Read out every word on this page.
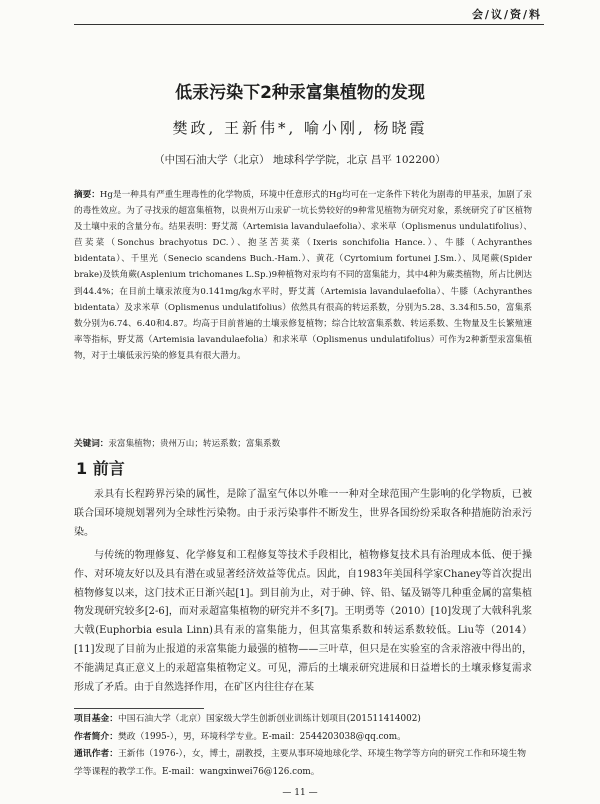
会/议/资/料
低汞污染下2种汞富集植物的发现
樊政, 王新伟*, 喻小刚, 杨晓霞
（中国石油大学（北京） 地球科学学院，北京 昌平 102200）
摘要：Hg是一种具有严重生理毒性的化学物质，环境中任意形式的Hg均可在一定条件下转化为剧毒的甲基汞，加剧了汞的毒性效应。为了寻找汞的超富集植物，以贵州万山汞矿一坑长势较好的9种常见植物为研究对象，系统研究了矿区植物及土壤中汞的含量分布。结果表明：野艾蒿（Artemisia lavandulaefolia）、求米草（Oplismenus undulatifolius）、苣荬菜（Sonchus brachyotus DC.）、抱茎苦荬菜（Ixeris sonchifolia Hance.）、牛膝（Achyranthes bidentata）、千里光（Senecio scandens Buch.-Ham.）、黄花（Cyrtomium fortunei J.Sm.）、凤尾蕨(Spider brake)及铁角蕨(Asplenium trichomanes L.Sp.)9种植物对汞均有不同的富集能力，其中4种为蕨类植物，所占比例达到44.4%；在目前土壤汞浓度为0.141mg/kg水平时，野艾蒿（Artemisia lavandulaefolia）、牛膝（Achyranthes bidentata）及求米草（Oplismenus undulatifolius）依然具有很高的转运系数，分别为5.28、3.34和5.50，富集系数分别为6.74、6.40和4.87。均高于目前普遍的土壤汞修复植物；综合比较富集系数、转运系数、生物量及生长繁殖速率等指标，野艾蒿（Artemisia lavandulaefolia）和求米草（Oplismenus undulatifolius）可作为2种新型汞富集植物，对于土壤低汞污染的修复具有很大潜力。
关键词：汞富集植物；贵州万山；转运系数；富集系数
1 前言

汞具有长程跨界污染的属性，是除了温室气体以外唯一一种对全球范围产生影响的化学物质，已被联合国环境规划署列为全球性污染物。由于汞污染事件不断发生，世界各国纷纷采取各种措施防治汞污染。

与传统的物理修复、化学修复和工程修复等技术手段相比，植物修复技术具有治理成本低、便于操作、对环境友好以及具有潜在或显著经济效益等优点。因此，自1983年美国科学家Chaney等首次提出植物修复以来，这门技术正日渐兴起[1]。到目前为止，对于砷、锌、铅、锰及镉等几种重金属的富集植物发现研究较多[2-6]，而对汞超富集植物的研究并不多[7]。王明勇等（2010）[10]发现了大戟科乳浆大戟(Euphorbia esula Linn)具有汞的富集能力，但其富集系数和转运系数较低。Liu等（2014）[11]发现了目前为止报道的汞富集能力最强的植物——三叶草，但只是在实验室的含汞溶液中得出的，不能满足真正意义上的汞超富集植物定义。可见，滞后的土壤汞研究进展和日益增长的土壤汞修复需求形成了矛盾。由于自然选择作用，在矿区内往往存在某

项目基金：中国石油大学（北京）国家级大学生创新创业训练计划项目(201511414002)

作者简介：樊政（1995-），男，环境科学专业。E-mail：2544203038@qq.com。

通讯作者：王新伟（1976-），女，博士，副教授，主要从事环境地球化学、环境生物学等方向的研究工作和环境生物学等课程的教学工作。E-mail：wangxinwei76@126.com。

— 11 —
